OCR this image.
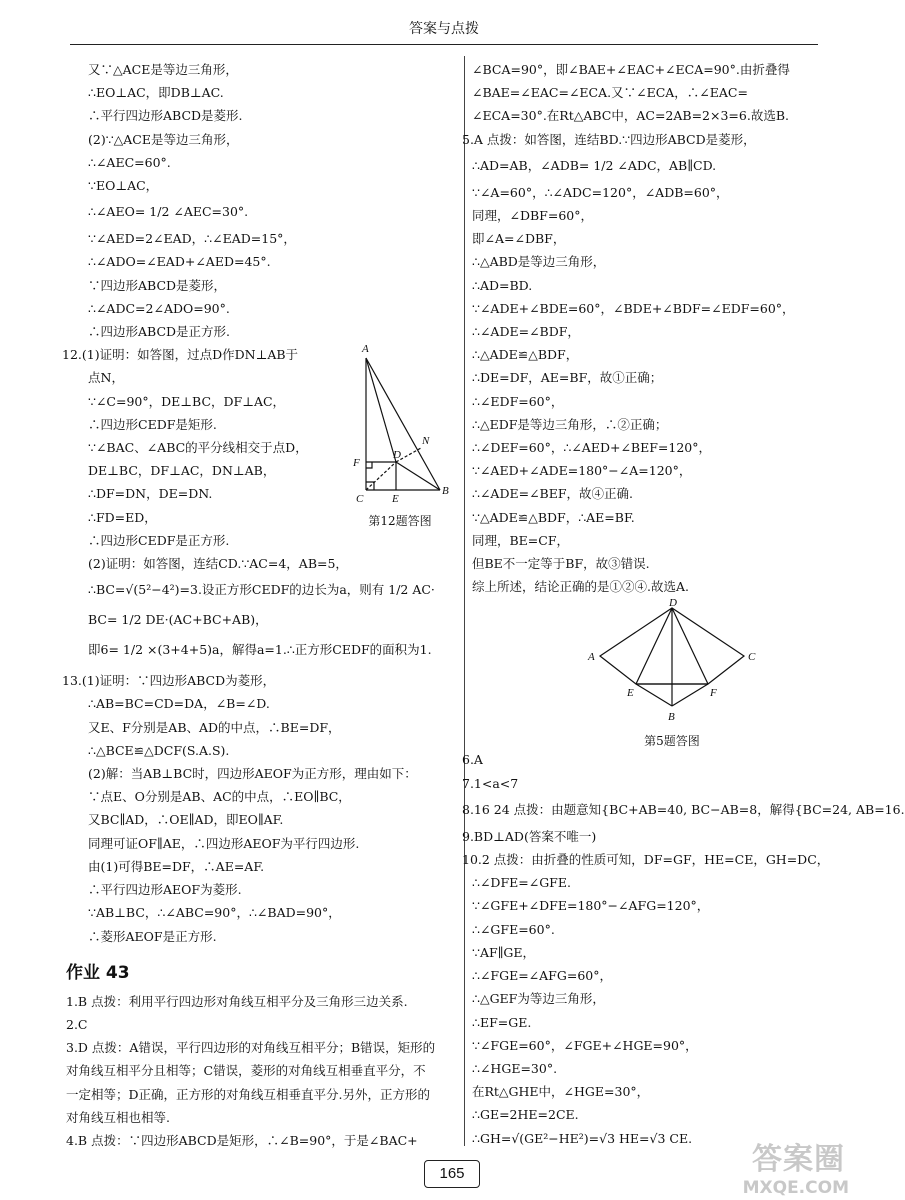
答案与点拨
又∵△ACE是等边三角形，
∴EO⊥AC，即DB⊥AC.
∴平行四边形ABCD是菱形.
(2)∵△ACE是等边三角形，
∴∠AEC=60°.
∵EO⊥AC，
∴∠AEO= 1/2 ∠AEC=30°.
∵∠AED=2∠EAD，∴∠EAD=15°，
∴∠ADO=∠EAD+∠AED=45°.
∵四边形ABCD是菱形，
∴∠ADC=2∠ADO=90°.
∴四边形ABCD是正方形.
12.(1)证明：如答图，过点D作DN⊥AB于
点N，
∵∠C=90°，DE⊥BC，DF⊥AC，
∴四边形CEDF是矩形.
∵∠BAC、∠ABC的平分线相交于点D，
DE⊥BC，DF⊥AC，DN⊥AB，
∴DF=DN，DE=DN.
∴FD=ED，
∴四边形CEDF是正方形.
(2)证明：如答图，连结CD.∵AC=4，AB=5，
∴BC=√(5²−4²)=3.设正方形CEDF的边长为a，则有 1/2 AC·
BC= 1/2 DE·(AC+BC+AB)，
即6= 1/2 ×(3+4+5)a，解得a=1.∴正方形CEDF的面积为1.
13.(1)证明：∵四边形ABCD为菱形，
∴AB=BC=CD=DA，∠B=∠D.
又E、F分别是AB、AD的中点，∴BE=DF，
∴△BCE≌△DCF(S.A.S).
(2)解：当AB⊥BC时，四边形AEOF为正方形，理由如下：
∵点E、O分别是AB、AC的中点，∴EO∥BC，
又BC∥AD，∴OE∥AD，即EO∥AF.
同理可证OF∥AE，∴四边形AEOF为平行四边形.
由(1)可得BE=DF，∴AE=AF.
∴平行四边形AEOF为菱形.
∵AB⊥BC，∴∠ABC=90°，∴∠BAD=90°，
∴菱形AEOF是正方形.
作业 43
1.B 点拨：利用平行四边形对角线互相平分及三角形三边关系.
2.C
3.D 点拨：A错误，平行四边形的对角线互相平分；B错误，矩形的
对角线互相平分且相等；C错误，菱形的对角线互相垂直平分，不
一定相等；D正确，正方形的对角线互相垂直平分.另外，正方形的
对角线互相也相等.
4.B 点拨：∵四边形ABCD是矩形，∴∠B=90°，于是∠BAC+
A
N
F
D
C	E
B
第12题答图
∠BCA=90°，即∠BAE+∠EAC+∠ECA=90°.由折叠得
∠BAE=∠EAC=∠ECA.又∵∠ECA，∴∠EAC=
∠ECA=30°.在Rt△ABC中，AC=2AB=2×3=6.故选B.
5.A 点拨：如答图，连结BD.∵四边形ABCD是菱形，
∴AD=AB，∠ADB= 1/2 ∠ADC，AB∥CD.
∵∠A=60°，∴∠ADC=120°，∠ADB=60°，
同理，∠DBF=60°，
即∠A=∠DBF，
∴△ABD是等边三角形，
∴AD=BD.
∵∠ADE+∠BDE=60°，∠BDE+∠BDF=∠EDF=60°，
∴∠ADE=∠BDF，
∴△ADE≌△BDF，
∴DE=DF，AE=BF，故①正确；
∴∠EDF=60°，
∴△EDF是等边三角形，∴②正确；
∴∠DEF=60°，∴∠AED+∠BEF=120°，
∵∠AED+∠ADE=180°−∠A=120°，
∴∠ADE=∠BEF，故④正确.
∵△ADE≌△BDF，∴AE=BF.
同理，BE=CF，
但BE不一定等于BF，故③错误.
综上所述，结论正确的是①②④.故选A.
D
A	C
E	F
B
第5题答图
6.A
7.1<a<7
8.16 24 点拨：由题意知{BC+AB=40, BC−AB=8，解得{BC=24, AB=16.
9.BD⊥AD(答案不唯一)
10.2 点拨：由折叠的性质可知，DF=GF，HE=CE，GH=DC，
∴∠DFE=∠GFE.
∵∠GFE+∠DFE=180°−∠AFG=120°，
∴∠GFE=60°.
∵AF∥GE，
∴∠FGE=∠AFG=60°，
∴△GEF为等边三角形，
∴EF=GE.
∵∠FGE=60°，∠FGE+∠HGE=90°，
∴∠HGE=30°.
在Rt△GHE中，∠HGE=30°，
∴GE=2HE=2CE.
∴GH=√(GE²−HE²)=√3 HE=√3 CE.
165	答案圈
MXQE.COM
